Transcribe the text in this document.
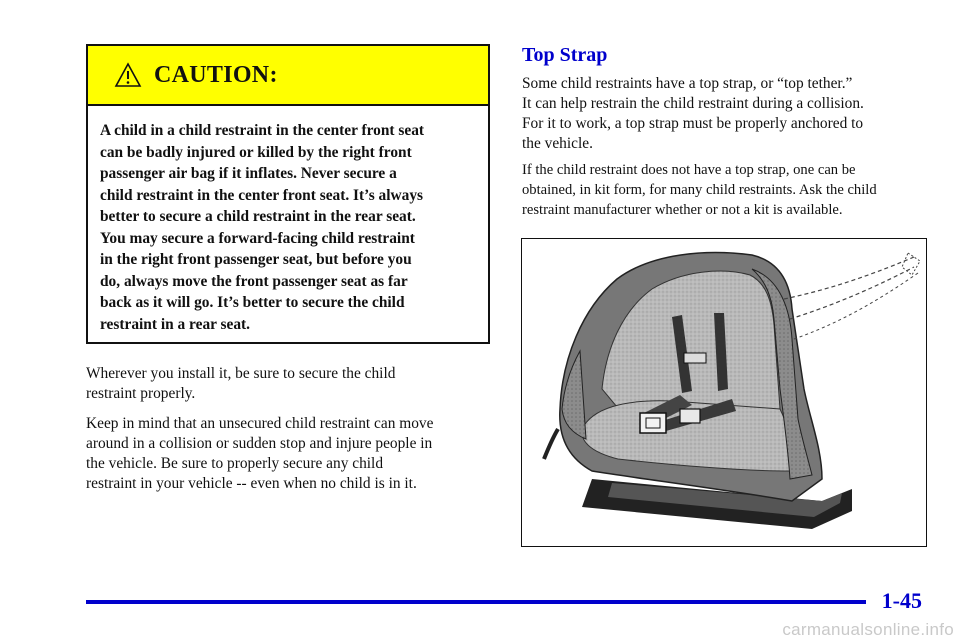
CAUTION:

A child in a child restraint in the center front seat

can be badly injured or killed by the right front

passenger air bag if it inflates. Never secure a

child restraint in the center front seat. It’s always

better to secure a child restraint in the rear seat.

You may secure a forward-facing child restraint

in the right front passenger seat, but before you

do, always move the front passenger seat as far

back as it will go. It’s better to secure the child

restraint in a rear seat.

Wherever you install it, be sure to secure the child
restraint properly.

Keep in mind that an unsecured child restraint can move
around in a collision or sudden stop and injure people in
the vehicle. Be sure to properly secure any child
restraint in your vehicle -- even when no child is in it.

Top Strap

Some child restraints have a top strap, or “top tether.”
It can help restrain the child restraint during a collision.
For it to work, a top strap must be properly anchored to
the vehicle.

If the child restraint does not have a top strap, one can be
obtained, in kit form, for many child restraints. Ask the child
restraint manufacturer whether or not a kit is available.

1-45

carmanualsonline.info
